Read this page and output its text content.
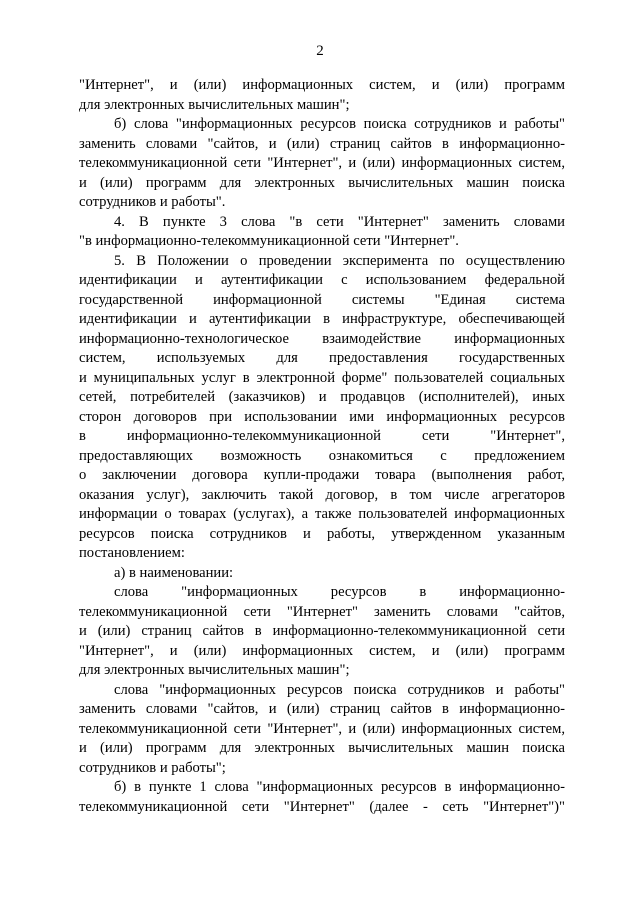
2
"Интернет", и (или) информационных систем, и (или) программ
для электронных вычислительных машин";
б) слова "информационных ресурсов поиска сотрудников и работы"
заменить словами "сайтов, и (или) страниц сайтов в информационно-
телекоммуникационной сети "Интернет", и (или) информационных систем,
и (или) программ для электронных вычислительных машин поиска
сотрудников и работы".
4. В пункте 3 слова "в сети "Интернет" заменить словами
"в информационно-телекоммуникационной сети "Интернет".
5. В Положении о проведении эксперимента по осуществлению
идентификации и аутентификации с использованием федеральной
государственной информационной системы "Единая система
идентификации и аутентификации в инфраструктуре, обеспечивающей
информационно-технологическое взаимодействие информационных
систем, используемых для предоставления государственных
и муниципальных услуг в электронной форме" пользователей социальных
сетей, потребителей (заказчиков) и продавцов (исполнителей), иных
сторон договоров при использовании ими информационных ресурсов
в информационно-телекоммуникационной сети "Интернет",
предоставляющих возможность ознакомиться с предложением
о заключении договора купли-продажи товара (выполнения работ,
оказания услуг), заключить такой договор, в том числе агрегаторов
информации о товарах (услугах), а также пользователей информационных
ресурсов поиска сотрудников и работы, утвержденном указанным
постановлением:
а) в наименовании:
слова "информационных ресурсов в информационно-
телекоммуникационной сети "Интернет" заменить словами "сайтов,
и (или) страниц сайтов в информационно-телекоммуникационной сети
"Интернет", и (или) информационных систем, и (или) программ
для электронных вычислительных машин";
слова "информационных ресурсов поиска сотрудников и работы"
заменить словами "сайтов, и (или) страниц сайтов в информационно-
телекоммуникационной сети "Интернет", и (или) информационных систем,
и (или) программ для электронных вычислительных машин поиска
сотрудников и работы";
б) в пункте 1 слова "информационных ресурсов в информационно-
телекоммуникационной сети "Интернет" (далее - сеть "Интернет")"
